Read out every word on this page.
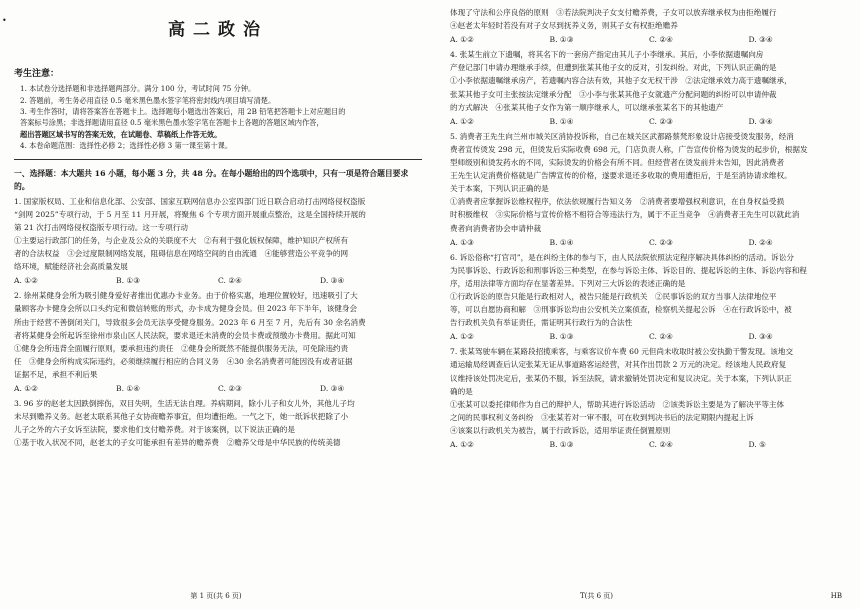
•	高二政治
考生注意：
1. 本试卷分选择题和非选择题两部分。满分 100 分，考试时间 75 分钟。
2. 答题前，考生务必用直径 0.5 毫米黑色墨水签字笔将密封线内项目填写清楚。
3. 考生作答时，请将答案答在答题卡上。选择题每小题选出答案后，用 2B 铅笔把答题卡上对应题目的
答案标号涂黑；非选择题请用直径 0.5 毫米黑色墨水签字笔在答题卡上各题的答题区域内作答，
超出答题区域书写的答案无效，在试题卷、草稿纸上作答无效。
4. 本卷命题范围：选择性必修 2；选择性必修 3 第一课至第十课。
一、选择题：本大题共 16 小题，每小题 3 分，共 48 分。在每小题给出的四个选项中，只有一项是符合题目要求的。
1. 国家版权局、工业和信息化部、公安部、国家互联网信息办公室四部门近日联合启动打击网络侵权盗版
“剑网 2025”专项行动，于 5 月至 11 月开展，将聚焦 6 个专项方面开展重点整治，这是全国持续开展的
第 21 次打击网络侵权盗版专项行动。这一专项行动
①主要运行政部门的任务，与企业及公众的关联度不大　②有利于强化版权保障，维护知识产权所有
者的合法权益　③会过度限制网络发展，阻碍信息在网络空间的自由流通　④能够营造公平竞争的网
络环境，赋能经济社会高质量发展
A. ①②	B. ①③	C. ②④	D. ③④
2. 徐州某健身会所为吸引健身爱好者推出优惠办卡业务。由于价格实惠，地理位置较好，迅速吸引了大
量顾客办卡健身会所以口头约定和微信转账的形式，办卡成为健身会员。但 2023 年下半年，该健身会
所由于经营不善倒闭关门，导致很多会员无法享受健身服务。2023 年 6 月至 7 月，先后有 30 余名消费
者将某健身会所起诉至徐州市泉山区人民法院，要求退还未消费的会员卡费或预缴办卡费用。据此可知
①健身会所违背全面履行原则，要承担违约责任　②健身会所既然不能提供服务无法，可免除违约责
任　③健身会所构成实际违约，必须继续履行相应的合同义务　④30 余名消费者可能因没有或者证据
证据不足，承担不利后果
A. ①②	B. ①④	C. ②③	D. ③④
3. 96 岁的赵老太因跌倒摔伤，双目失明，生活无法自理。养病期间，除小儿子和女儿外，其他儿子均
未尽到赡养义务。赵老太联系其他子女协商赡养事宜，但均遭拒绝。一气之下，她一纸诉状把除了小
儿子之外的六子女诉至法院，要求他们支付赡养费。对于该案例，以下说法正确的是
①基于收入状况不同，赵老太的子女可能承担有差异的赡养费　②赡养父母是中华民族的传统美德
第 1 页(共 6 页)
体现了守法和公序良俗的原则　③若法院判决子女支付赡养费，子女可以放弃继承权为由拒绝履行
④赵老太年轻时若没有对子女尽到抚养义务，则其子女有权拒绝赡养
A. ①②	B. ①③	C. ②④	D. ③④
4. 张某生前立下遗嘱，将其名下的一套房产指定由其儿子小李继承。其后，小李依据遗嘱向房
产登记部门申请办理继承手续，但遭到张某其他子女的反对，引发纠纷。对此，下列认识正确的是
①小李依据遗嘱继承房产，若遗嘱内容合法有效，其他子女无权干涉　②法定继承效力高于遗嘱继承，
张某其他子女可主张按法定继承分配　③小李与张某其他子女就遗产分配问题的纠纷可以申请仲裁
的方式解决　④张某其他子女作为第一顺序继承人，可以继承张某名下的其他遗产
A. ①②	B. ①④	C. ②③	D. ③④
5. 消费者王先生向兰州市城关区消协投诉称，自己在城关区武都路蔡梵形象设计店接受烫发服务，经消
费者宣传烫发 298 元，但烫发后实际收费 698 元，门店负责人称，广告宣传价格为烫发的起步价，根据发
型师级别和烫发药水的不同，实际烫发的价格会有所不同。但经营者在烫发前并未告知，因此消费者
王先生认定消费价格就是广告牌宣传的价格，遂要求退还多收取的费用遭拒后，于是至消协请求维权。
关于本案，下列认识正确的是
①消费者应掌握诉讼维权程序，依法依规履行告知义务　②消费者要增强权利意识，在自身权益受损
时积极维权　③实际价格与宣传价格不相符合等违法行为，属于不正当竞争　④消费者王先生可以就此消
费者向消费者协会申请仲裁
A. ①③	B. ①④	C. ②③	D. ②④
6. 诉讼俗称“打官司”，是在纠纷主体的参与下，由人民法院依照法定程序解决具体纠纷的活动。诉讼分
为民事诉讼、行政诉讼和刑事诉讼三种类型，在参与诉讼主体、诉讼目的、提起诉讼的主体、诉讼内容和程
序，适用法律等方面均存在显著差异。下列对三大诉讼的表述正确的是
①行政诉讼的原告只能是行政相对人，被告只能是行政机关　②民事诉讼的双方当事人法律地位平
等，可以自愿协商和解　③刑事诉讼均由公安机关立案侦查，检察机关提起公诉　④在行政诉讼中，被
告行政机关负有举证责任，需证明其行政行为的合法性
A. ①②	B. ①③	C. ②④	D. ③④
7. 张某驾驶车辆在某路段招揽乘客，与乘客议价车费 60 元但尚未收取时被公安执勤干警发现。该地交
通运输局经调查后认定张某无证从事道路客运经营，对其作出罚款 2 万元的决定。经该地人民政府复
议维持该处罚决定后，张某仍不服，诉至法院，请求撤销处罚决定和复议决定。关于本案，下列认识正
确的是
①张某可以委托律师作为自己的辩护人，帮助其进行诉讼活动　②该类诉讼主要是为了解决平等主体
之间的民事权利义务纠纷　③张某若对一审不服，可在收到判决书后的法定期限内提起上诉
④该案以行政机关为被告，属于行政诉讼，适用举证责任倒置原则
A. ①②	B. ①③	C. ②④	D. ⑤
T(共 6 页)	HB
